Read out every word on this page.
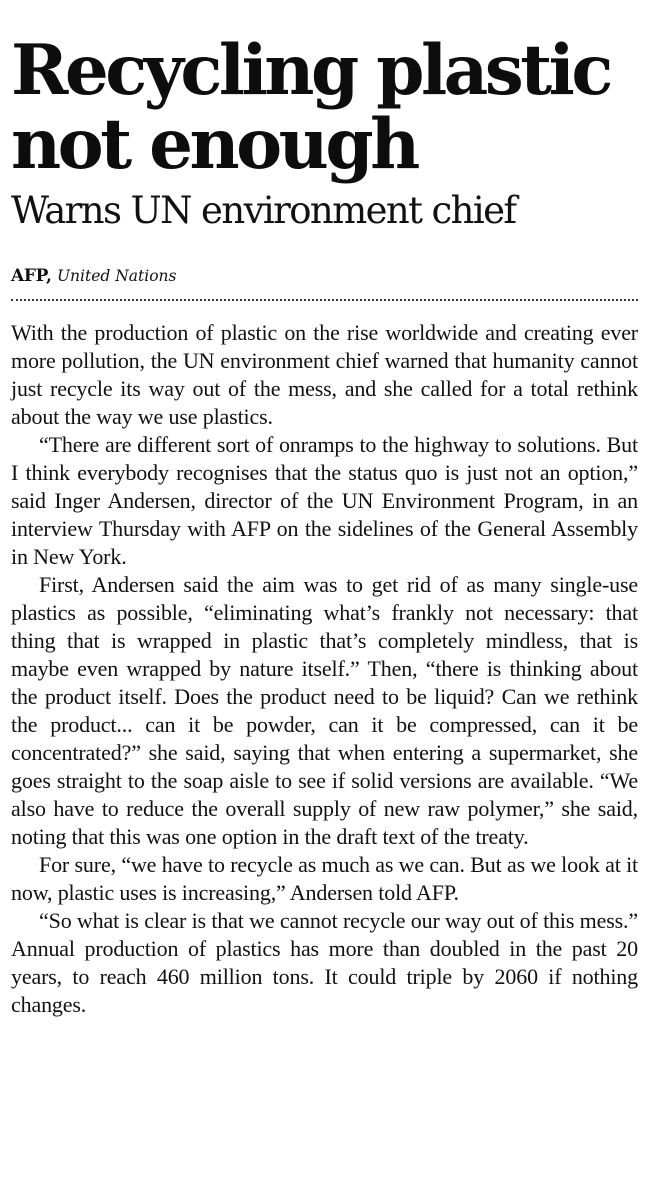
Recycling plastic
not enough
Warns UN environment chief
AFP, United Nations

With the production of plastic on the rise worldwide and creating ever more pollution, the UN environment chief warned that humanity cannot just recycle its way out of the mess, and she called for a total rethink about the way we use plastics.

“There are different sort of onramps to the highway to solutions. But I think everybody recognises that the status quo is just not an option,” said Inger Andersen, director of the UN Environment Program, in an interview Thursday with AFP on the sidelines of the General Assembly in New York.

First, Andersen said the aim was to get rid of as many single-use plastics as possible, “eliminating what’s frankly not necessary: that thing that is wrapped in plastic that’s completely mindless, that is maybe even wrapped by nature itself.” Then, “there is thinking about the product itself. Does the product need to be liquid? Can we rethink the product... can it be powder, can it be compressed, can it be concentrated?” she said, saying that when entering a supermarket, she goes straight to the soap aisle to see if solid versions are available. “We also have to reduce the overall supply of new raw polymer,” she said, noting that this was one option in the draft text of the treaty.

For sure, “we have to recycle as much as we can. But as we look at it now, plastic uses is increasing,” Andersen told AFP.

“So what is clear is that we cannot recycle our way out of this mess.” Annual production of plastics has more than doubled in the past 20 years, to reach 460 million tons. It could triple by 2060 if nothing changes.
